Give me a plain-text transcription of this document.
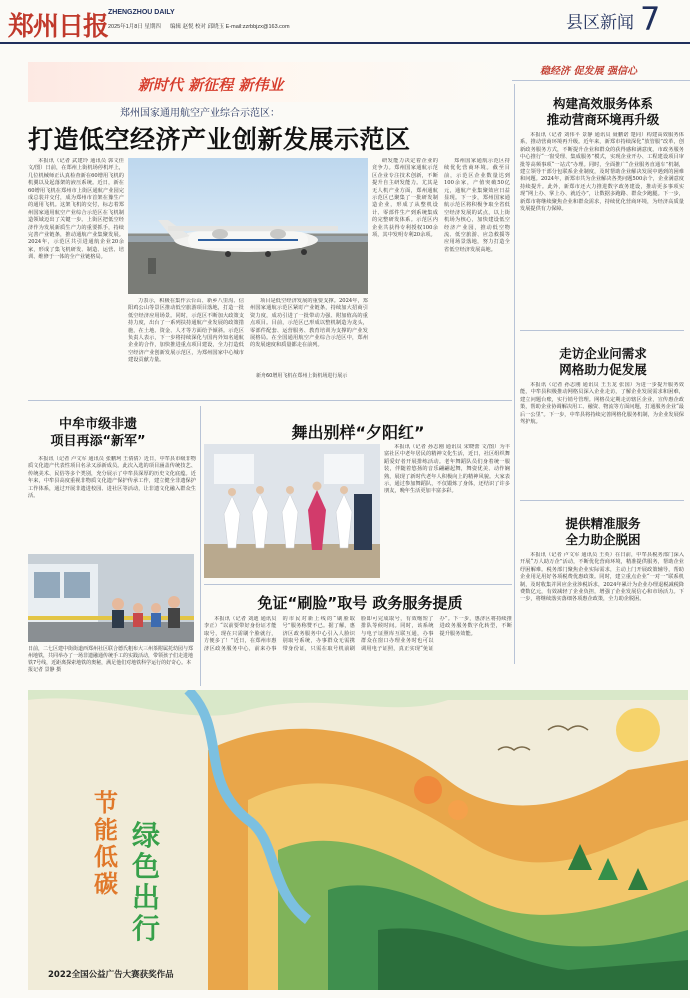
郑州日报 ZHENGZHOU DAILY
2025年1月8日 星期四 编辑 赵悦 校对 邱晓玉 E-mail:zzrbbjzx@163.com	县区新闻 7
稳经济 促发展 强信心
新时代 新征程 新伟业
郑州国家通用航空产业综合示范区：
打造低空经济产业创新发展示范区

本报讯（记者 武建玲 通讯员 郭文佳 文/图）日前，在郑州上街机场停机坪上，几位机械师正认真检查新在60增用飞机的机翼以及起落架的液压系统。近日，新在60增用飞机在郑州市上街区通航产业园完成总装并交付，成为郑州市首架在豫生产的通用飞机。这架飞机的交付，标志着郑州国家通用航空产业综合示范区在飞机制造领域迈出了关键一步。上街区把低空经济作为发展新质生产力的重要抓手，持续完善产业链条，推动通航产业集聚发展。2024年，示范区共引进通航企业20余家，形成了集飞机研发、制造、运营、培训、维修于一体的全产业链格局。

研发能力决定着企业的竞争力。郑州国家通航示范区企业专注技术创新，不断提升自主研发能力。尤其是无人机产业方面，郑州通航示范区已聚集了一批研发制造企业，形成了从整机设计、零部件生产到系统集成的完整研发体系。示范区内企业共获得专利授权100余项，其中发明专利20余项。

郑州国家通航示范区持续优化营商环境。截至目前，示范区企业数量达到100余家，产值突破50亿元，通航产业集聚效应日益显现。下一步，郑州国家通航示范区将积极争取全省低空经济发展的试点，以上街机场为核心，加快建设低空经济产业园，推动低空物流、低空旅游、应急救援等应用场景落地，努力打造全省低空经济发展高地。

力表示，积极在集作云台山、新乡八里沟、信阳鸡公山等景区推动低空旅游项目落地，打造一批低空经济应用场景。同时，示范区不断加大政策支持力度，出台了一系列扶持通航产业发展的政策措施，在土地、资金、人才等方面给予倾斜。示范区负责人表示，下一步将持续深化与国内外知名通航企业的合作，加快推进重点项目建设，全力打造低空经济产业创新发展示范区，为郑州国家中心城市建设贡献力量。

项目是低空经济发展的重要支撑。2024年，郑州国家通航示范区紧盯产业链条，持续加大招商引资力度，成功引进了一批带动力强、附加值高的重点项目。目前，示范区已形成以整机制造为龙头，零部件配套、运营服务、教育培训为支撑的产业发展格局。在全国通用航空产业综合示范区中，郑州的发展速度和质量都走在前列。

新舟60增用飞机在郑州上街机场进行展示
构建高效服务体系
推动营商环境再升级

本报讯（记者 刘伟平 景静 通讯员 聂鹏诺 楚同）构建高效服务体系，推动营商环境再升级。近年来，新郑市持续深化“放管服”改革，创新政务服务方式，不断提升企业和群众的获得感和满意度。市政务服务中心推行“一窗受理、集成服务”模式，实现企业开办、工程建设项目审批等高频事项“一站式”办理。同时，全面推广“企业服务直通车”机制，建立领导干部分包联系企业制度，及时帮助企业解决发展中遇到的困难和问题。2024年，新郑市共为企业解决各类问题500余个，企业满意度持续提升。此外，新郑市还大力推进数字政务建设，推动更多事项实现“网上办、掌上办、就近办”，让数据多跑路、群众少跑腿。下一步，新郑市将继续聚焦企业和群众需求，持续优化营商环境，为经济高质量发展提供有力保障。

走访企业问需求
网格助力促发展

本报讯（记者 孙志刚 通讯员 王玉龙 张国）为进一步提升服务效能，中牟县积极推动网格员深入企业走访，了解企业发展需求和困难，建立问题台账，实行销号管理。网格员定期走访辖区企业，宣传惠企政策，帮助企业协调解决用工、融资、物流等方面问题，打通服务企业“最后一公里”。下一步，中牟县将持续完善网格化服务机制，为企业发展保驾护航。

提供精准服务
全力助企脱困

本报讯（记者 卢文军 通讯员 王英）在日前，中牟县税务部门深入开展“万人助万企”活动，不断优化营商环境，精准提供服务，帮助企业纾困解难。税务部门聚焦企业实际需求，主动上门开展政策辅导，帮助企业用足用好各项税费优惠政策。同时，建立重点企业“一对一”联系机制，及时收集并回应企业涉税诉求，2024年累计为企业办理退税减税降费数亿元，有效减轻了企业负担，增强了企业发展信心和市场活力。下一步，将继续落实落细各项惠企政策，全力助企脱困。

中牟市级非遗
项目再添“新军”

本报讯（记者 卢文军 通讯员 张鹏珂 王倩倩）近日，中牟县市级非物质文化遗产代表性项目名录又添新成员。此次入选的项目涵盖传统技艺、传统美术、民俗等多个类别，充分展示了中牟县深厚的历史文化底蕴。近年来，中牟县高度重视非物质文化遗产保护传承工作，建立健全非遗保护工作体系，通过开展非遗进校园、进社区等活动，让非遗文化融入群众生活。

日前，二七区建中街街道西郑州社区联合德氏粗布大三州茶附属托幼园与郑州地铁，共同举办了一场非遗融通传统手工的实践活动，带领孩子们走进地铁7号线，近距离探索地铁的奥秘，满足他们对地铁科学运行的好奇心。本报记者 景静 摄
舞出别样“夕阳红”

本报讯（记者 孙志刚 通讯员 宋晓蕾 文/图）为丰富社区中老年居民的精神文化生活，近日，社区组织舞蹈爱好者开展排练活动。老年舞蹈队员们身着统一服装，伴随着悠扬的音乐翩翩起舞，舞姿优美、动作娴熟，展现了新时代老年人积极向上的精神风貌。大家表示，通过参加舞蹈队，不仅锻炼了身体，还结识了许多朋友，晚年生活更加丰富多彩。

免证“刷脸”取号 政务服务提质

本报讯（记者 刘迪 通讯员 李正）“以前要带好身份证才能取号，现在只需刷个脸就行，方便多了！”近日，在郑州市惠济区政务服务中心，前来办事的市民对新上线的“刷脸取号”服务称赞不已。据了解，惠济区政务服务中心引入人脸识别取号系统，办事群众无需携带身份证，只需在取号机前刷脸即可完成取号，有效缩短了排队等候时间。同时，该系统与电子证照库互联互通，办事群众在窗口办理业务时也可以调用电子证照，真正实现“免证办”。下一步，惠济区将持续推进政务服务数字化转型，不断提升服务效能。

节能低碳
绿色出行
2022全国公益广告大赛获奖作品
